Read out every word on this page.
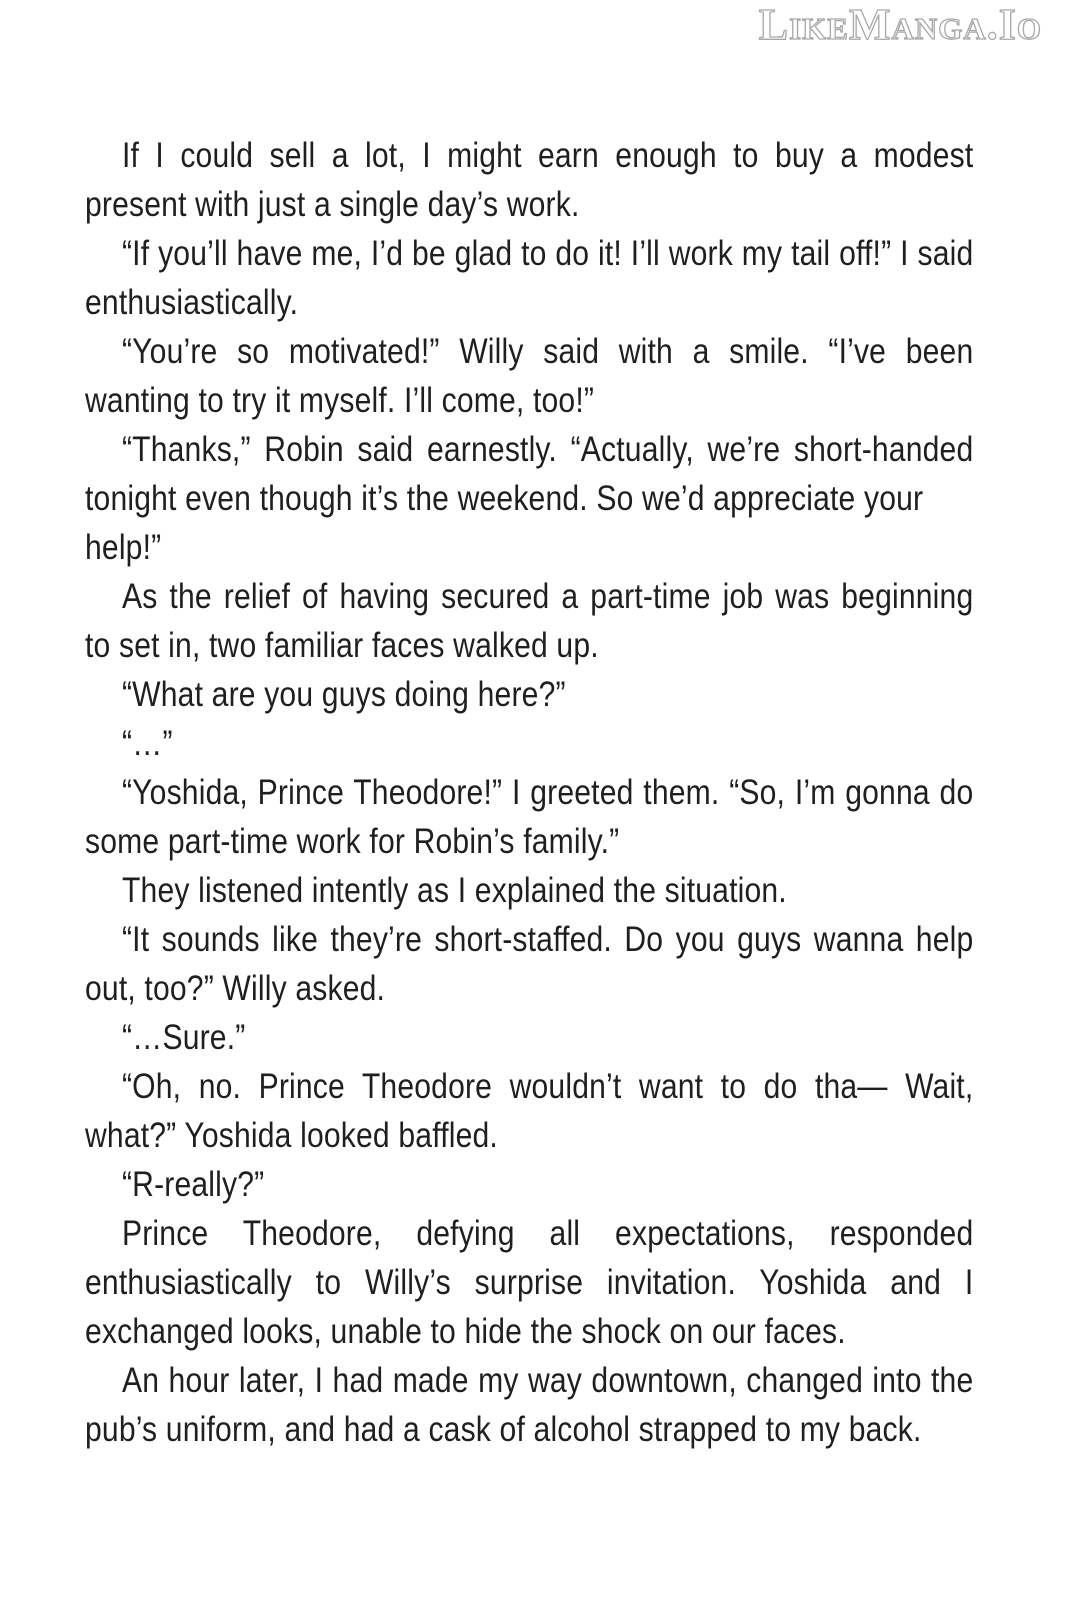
LikeManga.Io
If I could sell a lot, I might earn enough to buy a modest
present with just a single day’s work.
“If you’ll have me, I’d be glad to do it! I’ll work my tail off!” I said
enthusiastically.
“You’re so motivated!” Willy said with a smile. “I’ve been
wanting to try it myself. I’ll come, too!”
“Thanks,” Robin said earnestly. “Actually, we’re short-handed
tonight even though it’s the weekend. So we’d appreciate your help!”
As the relief of having secured a part-time job was beginning
to set in, two familiar faces walked up.
“What are you guys doing here?”
“…”
“Yoshida, Prince Theodore!” I greeted them. “So, I’m gonna do
some part-time work for Robin’s family.”
They listened intently as I explained the situation.
“It sounds like they’re short-staffed. Do you guys wanna help
out, too?” Willy asked.
“…Sure.”
“Oh, no. Prince Theodore wouldn’t want to do tha— Wait,
what?” Yoshida looked baffled.
“R-really?”
Prince Theodore, defying all expectations, responded
enthusiastically to Willy’s surprise invitation. Yoshida and I
exchanged looks, unable to hide the shock on our faces.
An hour later, I had made my way downtown, changed into the
pub’s uniform, and had a cask of alcohol strapped to my back.
